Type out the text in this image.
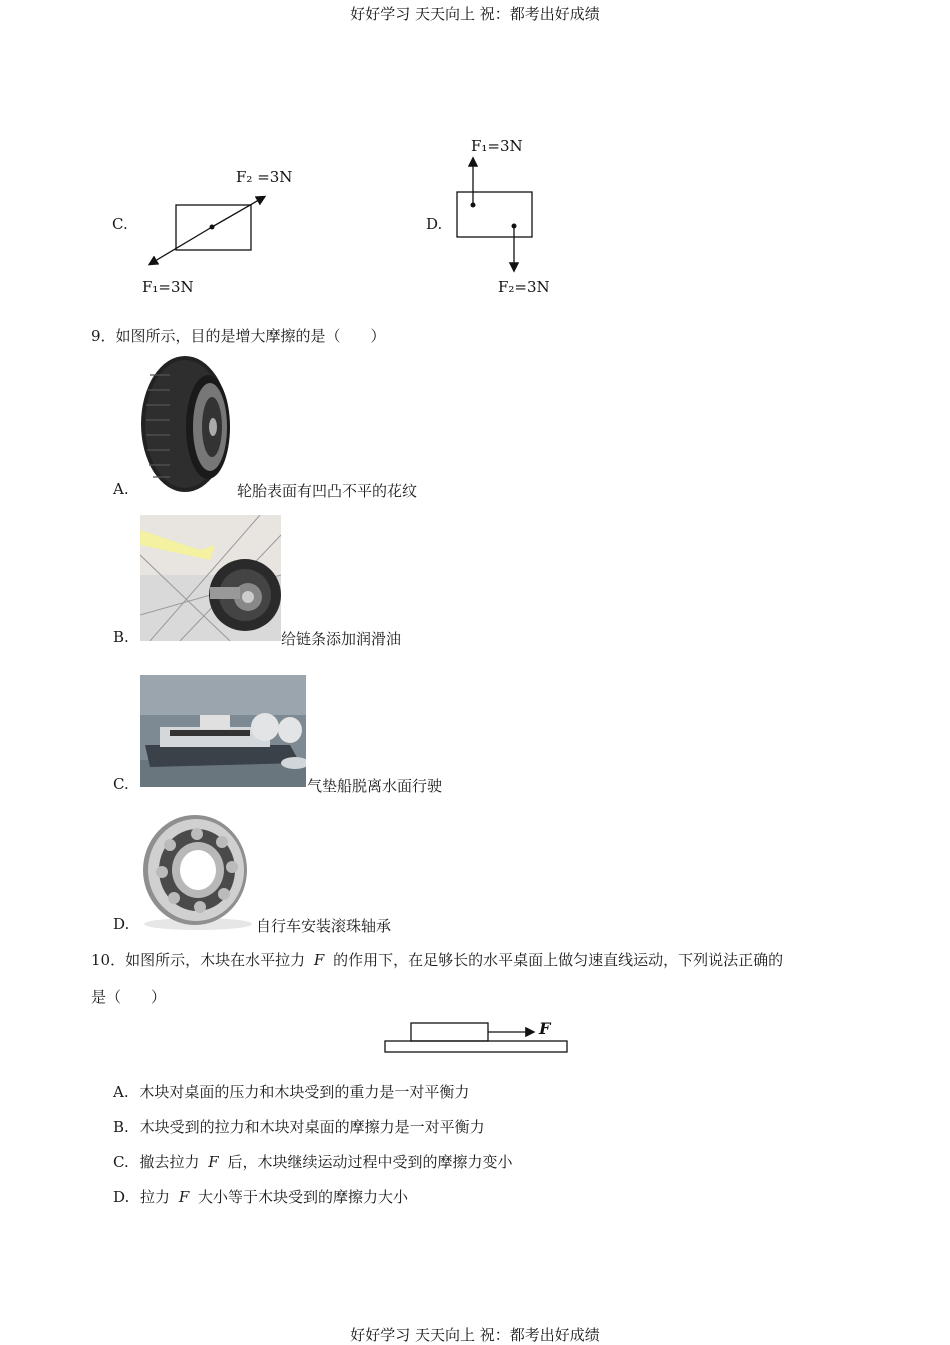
好好学习 天天向上 祝：都考出好成绩
C.
F₂ =3N
F₁=3N
D.
F₁=3N
F₂=3N
9．如图所示，目的是增大摩擦的是（　　）
A.	轮胎表面有凹凸不平的花纹
B.	给链条添加润滑油
C.	气垫船脱离水面行驶
D.	自行车安装滚珠轴承
10．如图所示，木块在水平拉力 F 的作用下，在足够长的水平桌面上做匀速直线运动，下列说法正确的
是（　　）
F
A. 木块对桌面的压力和木块受到的重力是一对平衡力
B. 木块受到的拉力和木块对桌面的摩擦力是一对平衡力
C. 撤去拉力 F 后，木块继续运动过程中受到的摩擦力变小
D. 拉力 F 大小等于木块受到的摩擦力大小
好好学习 天天向上 祝：都考出好成绩
